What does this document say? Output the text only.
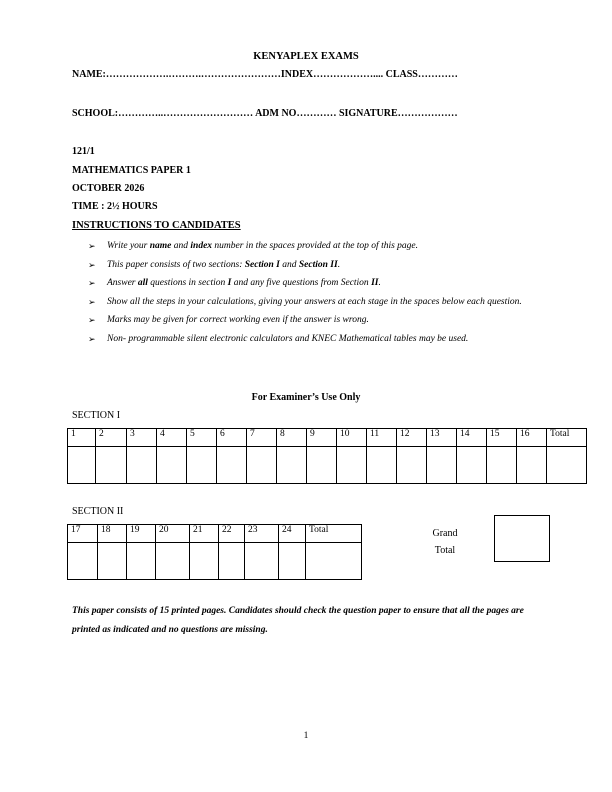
KENYAPLEX EXAMS
NAME:……………….……….……………………INDEX……………….... CLASS…………
SCHOOL:…………..……………………… ADM NO………… SIGNATURE………………
121/1
MATHEMATICS PAPER 1
OCTOBER 2026
TIME : 2½ HOURS
INSTRUCTIONS TO CANDIDATES
➢ Write your name and index number in the spaces provided at the top of this page.
➢ This paper consists of two sections: Section I and Section II.
➢ Answer all questions in section I and any five questions from Section II.
➢ Show all the steps in your calculations, giving your answers at each stage in the spaces below each question.
➢ Marks may be given for correct working even if the answer is wrong.
➢ Non- programmable silent electronic calculators and KNEC Mathematical tables may be used.
For Examiner’s Use Only
SECTION I
1	2	3	4	5	6	7	8	9	10	11	12	13	14	15	16	Total

SECTION II
17	18	19	20	21	22	23	24	Total
									Grand
Total
This paper consists of 15 printed pages. Candidates should check the question paper to ensure that all the pages are printed as indicated and no questions are missing.
1
